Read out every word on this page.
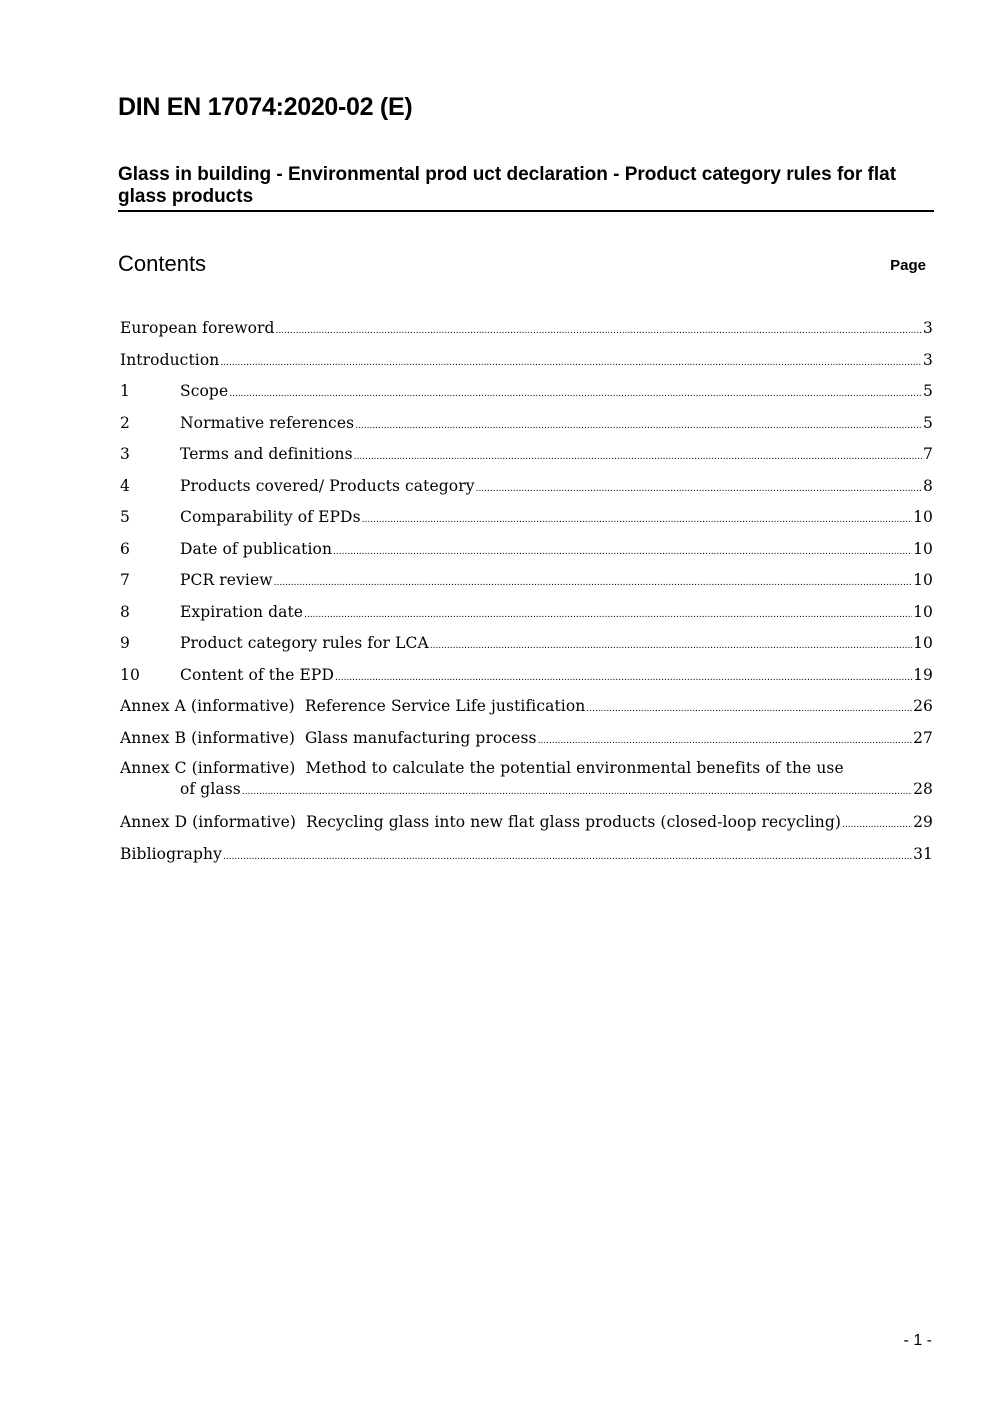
DIN EN 17074:2020-02 (E)
Glass in building - Environmental prod uct declaration - Product category rules for flat glass products
Contents	Page
European foreword .....	3
Introduction .....	3
1	Scope .....	5
2	Normative references .....	5
3	Terms and definitions .....	7
4	Products covered/ Products category .....	8
5	Comparability of EPDs .....	10
6	Date of publication .....	10
7	PCR review .....	10
8	Expiration date .....	10
9	Product category rules for LCA .....	10
10	Content of the EPD .....	19
Annex A (informative)  Reference Service Life justification .....	26
Annex B (informative)  Glass manufacturing process .....	27
Annex C (informative)  Method to calculate the potential environmental benefits of the use
of glass .....	28
Annex D (informative)  Recycling glass into new flat glass products (closed-loop recycling) .....	29
Bibliography .....	31
- 1 -
